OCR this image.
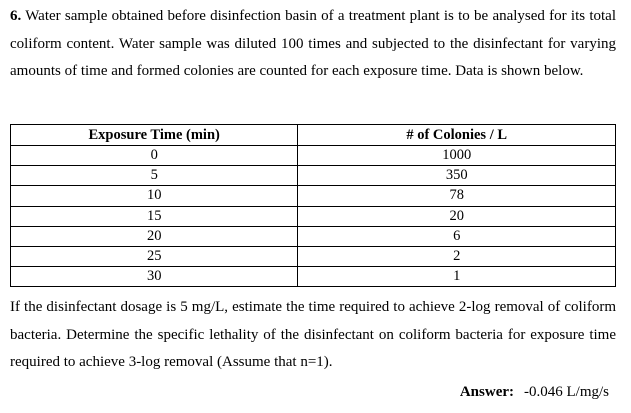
6. Water sample obtained before disinfection basin of a treatment plant is to be analysed for its total coliform content. Water sample was diluted 100 times and subjected to the disinfectant for varying amounts of time and formed colonies are counted for each exposure time. Data is shown below.

Exposure Time (min)	# of Colonies / L
0	1000
5	350
10	78
15	20
20	6
25	2
30	1

If the disinfectant dosage is 5 mg/L, estimate the time required to achieve 2-log removal of coliform bacteria. Determine the specific lethality of the disinfectant on coliform bacteria for exposure time required to achieve 3-log removal (Assume that n=1).

Answer: -0.046 L/mg/s
